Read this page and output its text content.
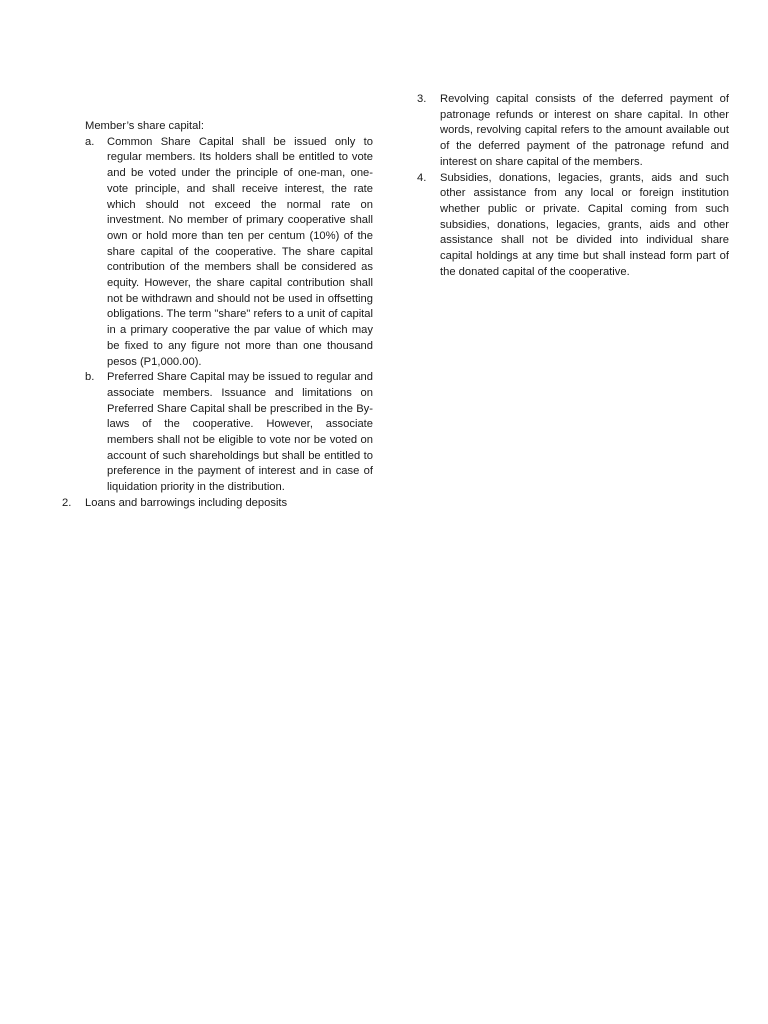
Member’s share capital:

a. Common Share Capital shall be issued only to regular members. Its holders shall be entitled to vote and be voted under the principle of one-man, one-vote principle, and shall receive interest, the rate which should not exceed the normal rate on investment. No member of primary cooperative shall own or hold more than ten per centum (10%) of the share capital of the cooperative. The share capital contribution of the members shall be considered as equity. However, the share capital contribution shall not be withdrawn and should not be used in offsetting obligations. The term "share" refers to a unit of capital in a primary cooperative the par value of which may be fixed to any figure not more than one thousand pesos (P1,000.00).
b. Preferred Share Capital may be issued to regular and associate members. Issuance and limitations on Preferred Share Capital shall be prescribed in the By-laws of the cooperative. However, associate members shall not be eligible to vote nor be voted on account of such shareholdings but shall be entitled to preference in the payment of interest and in case of liquidation priority in the distribution.
2. Loans and barrowings including deposits
3. Revolving capital consists of the deferred payment of patronage refunds or interest on share capital. In other words, revolving capital refers to the amount available out of the deferred payment of the patronage refund and interest on share capital of the members.
4. Subsidies, donations, legacies, grants, aids and such other assistance from any local or foreign institution whether public or private. Capital coming from such subsidies, donations, legacies, grants, aids and other assistance shall not be divided into individual share capital holdings at any time but shall instead form part of the donated capital of the cooperative.
